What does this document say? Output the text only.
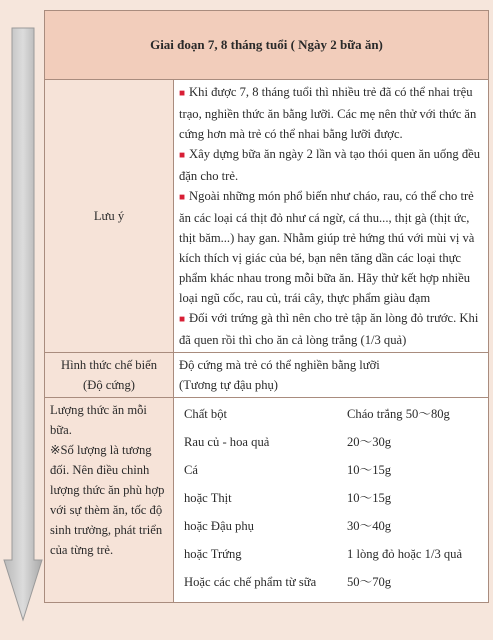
Giai đoạn 7, 8 tháng tuổi ( Ngày 2 bữa ăn)
Lưu ý	

■ Khi được 7, 8 tháng tuổi thì nhiều trẻ đã có thể nhai trệu trạo, nghiền thức ăn bằng lưỡi. Các mẹ nên thử với thức ăn cứng hơn mà trẻ có thể nhai bằng lưỡi được.

■ Xây dựng bữa ăn ngày 2 lần và tạo thói quen ăn uống đều đặn cho trẻ.

■ Ngoài những món phổ biến như cháo, rau, có thể cho trẻ ăn các loại cá thịt đỏ như cá ngừ, cá thu..., thịt gà (thịt ức, thịt băm...) hay gan. Nhằm giúp trẻ hứng thú với mùi vị và kích thích vị giác của bé, bạn nên tăng dần các loại thực phẩm khác nhau trong mỗi bữa ăn. Hãy thử kết hợp nhiều loại ngũ cốc, rau củ, trái cây, thực phẩm giàu đạm

■ Đối với trứng gà thì nên cho trẻ tập ăn lòng đỏ trước. Khi đã quen rồi thì cho ăn cả lòng trắng (1/3 quả)

Hình thức chế biến
(Độ cứng)

Độ cứng mà trẻ có thể nghiền bằng lưỡi
(Tương tự đậu phụ)

Lượng thức ăn mỗi bữa.
※Số lượng là tương đối. Nên điều chỉnh lượng thức ăn phù hợp với sự thèm ăn, tốc độ sinh trưởng, phát triển của từng trẻ.

Chất bột	Cháo trắng 50〜80g
Rau củ - hoa quả	20〜30g
Cá	10〜15g
hoặc Thịt	10〜15g
hoặc Đậu phụ	30〜40g
hoặc Trứng	1 lòng đỏ hoặc 1/3 quả
Hoặc các chế phẩm từ sữa	50〜70g
